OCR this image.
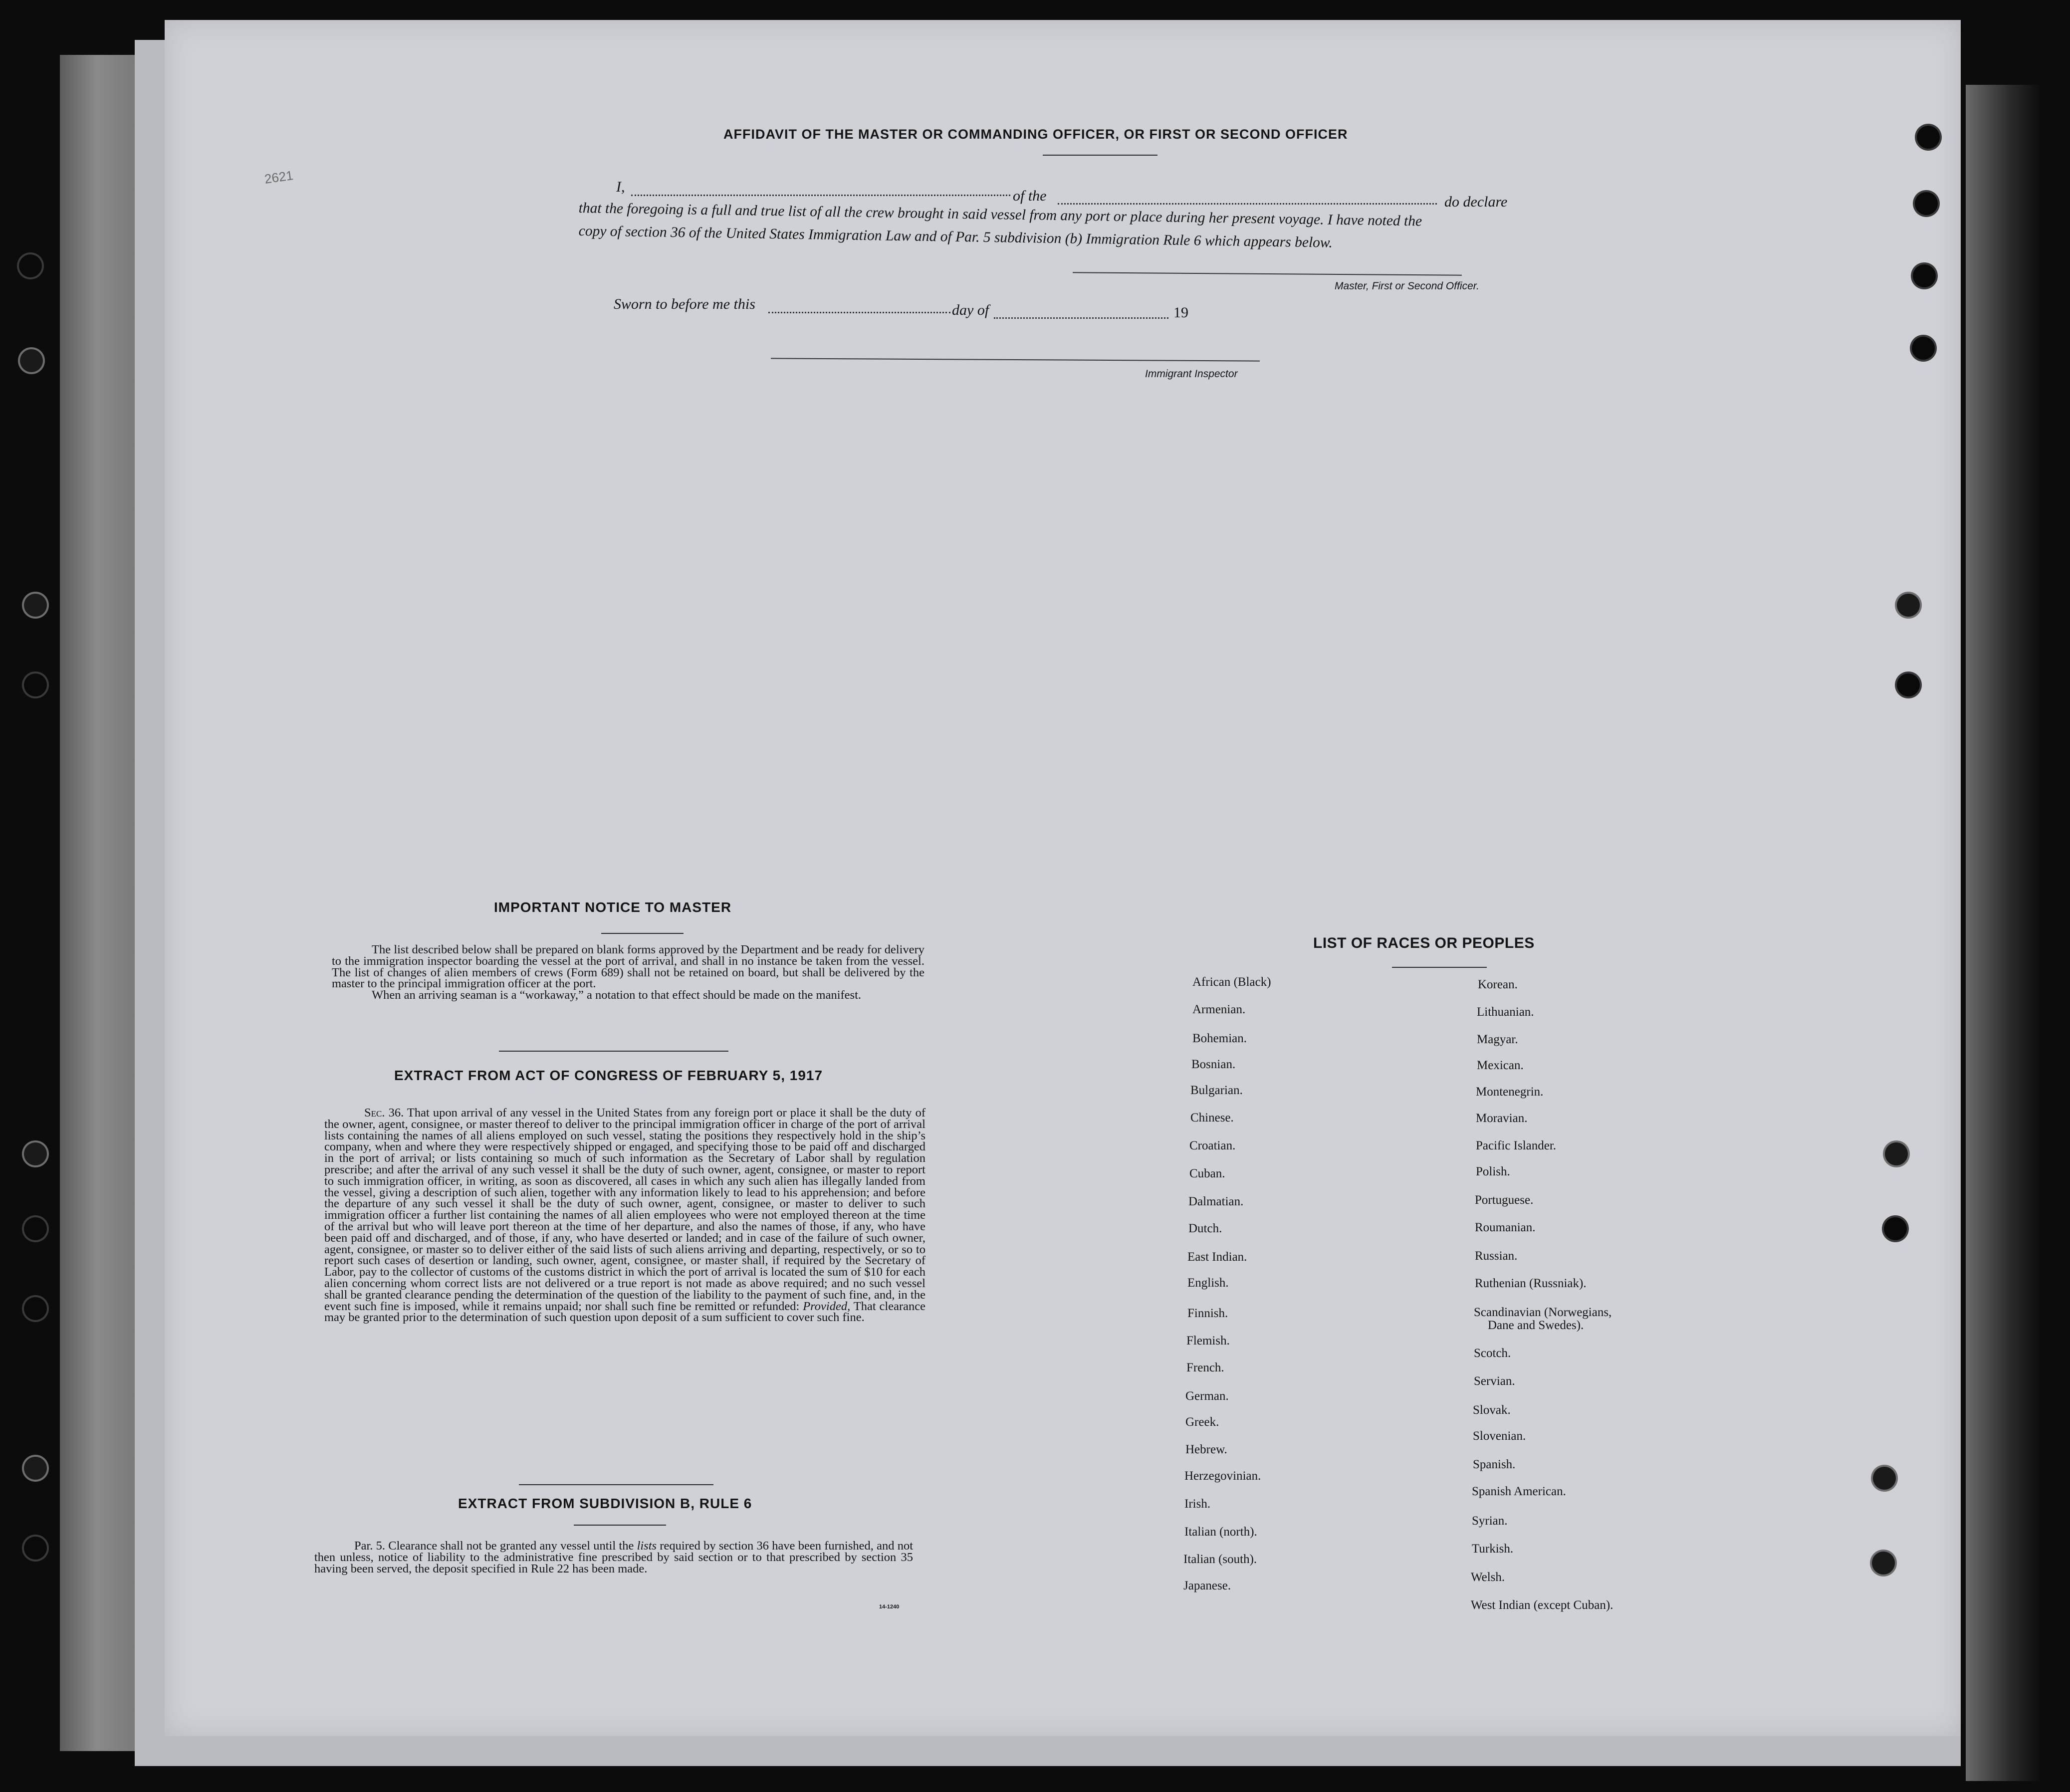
2621
AFFIDAVIT OF THE MASTER OR COMMANDING OFFICER, OR FIRST OR SECOND OFFICER
I,
of the	do declare
that the foregoing is a full and true list of all the crew brought in said vessel from any port or place during her present voyage. I have noted the
copy of section 36 of the United States Immigration Law and of Par. 5 subdivision (b) Immigration Rule 6 which appears below.
Master, First or Second Officer.
Sworn to before me this	day of	19
Immigrant Inspector
IMPORTANT NOTICE TO MASTER

The list described below shall be prepared on blank forms approved by the Department and be ready for delivery to the immigration inspector boarding the vessel at the port of arrival, and shall in no instance be taken from the vessel. The list of changes of alien members of crews (Form 689) shall not be retained on board, but shall be delivered by the master to the principal immigration officer at the port.

When an arriving seaman is a “workaway,” a notation to that effect should be made on the manifest.

EXTRACT FROM ACT OF CONGRESS OF FEBRUARY 5, 1917

Sec. 36. That upon arrival of any vessel in the United States from any foreign port or place it shall be the duty of the owner, agent, consignee, or master thereof to deliver to the principal immigration officer in charge of the port of arrival lists containing the names of all aliens employed on such vessel, stating the positions they respectively hold in the ship’s company, when and where they were respectively shipped or engaged, and specifying those to be paid off and discharged in the port of arrival; or lists containing so much of such information as the Secretary of Labor shall by regulation prescribe; and after the arrival of any such vessel it shall be the duty of such owner, agent, consignee, or master to report to such immigration officer, in writing, as soon as discovered, all cases in which any such alien has illegally landed from the vessel, giving a description of such alien, together with any information likely to lead to his apprehension; and before the departure of any such vessel it shall be the duty of such owner, agent, consignee, or master to deliver to such immigration officer a further list containing the names of all alien employees who were not employed thereon at the time of the arrival but who will leave port thereon at the time of her departure, and also the names of those, if any, who have been paid off and discharged, and of those, if any, who have deserted or landed; and in case of the failure of such owner, agent, consignee, or master so to deliver either of the said lists of such aliens arriving and departing, respectively, or so to report such cases of desertion or landing, such owner, agent, consignee, or master shall, if required by the Secretary of Labor, pay to the collector of customs of the customs district in which the port of arrival is located the sum of $10 for each alien concerning whom correct lists are not delivered or a true report is not made as above required; and no such vessel shall be granted clearance pending the determination of the question of the liability to the payment of such fine, and, in the event such fine is imposed, while it remains unpaid; nor shall such fine be remitted or refunded: Provided, That clearance may be granted prior to the determination of such question upon deposit of a sum sufficient to cover such fine.

EXTRACT FROM SUBDIVISION B, RULE 6

Par. 5. Clearance shall not be granted any vessel until the lists required by section 36 have been furnished, and not then unless, notice of liability to the administrative fine prescribed by said section or to that prescribed by section 35 having been served, the deposit specified in Rule 22 has been made.

14-1240
LIST OF RACES OR PEOPLES
African (Black)
Armenian.
Bohemian.
Bosnian.
Bulgarian.
Chinese.
Croatian.
Cuban.
Dalmatian.
Dutch.
East Indian.
English.
Finnish.
Flemish.
French.
German.
Greek.
Hebrew.
Herzegovinian.
Irish.
Italian (north).
Italian (south).
Japanese.
Korean.
Lithuanian.
Magyar.
Mexican.
Montenegrin.
Moravian.
Pacific Islander.
Polish.
Portuguese.
Roumanian.
Russian.
Ruthenian (Russniak).
Scandinavian (Norwegians,
Dane and Swedes).
Scotch.
Servian.
Slovak.
Slovenian.
Spanish.
Spanish American.
Syrian.
Turkish.
Welsh.
West Indian (except Cuban).
